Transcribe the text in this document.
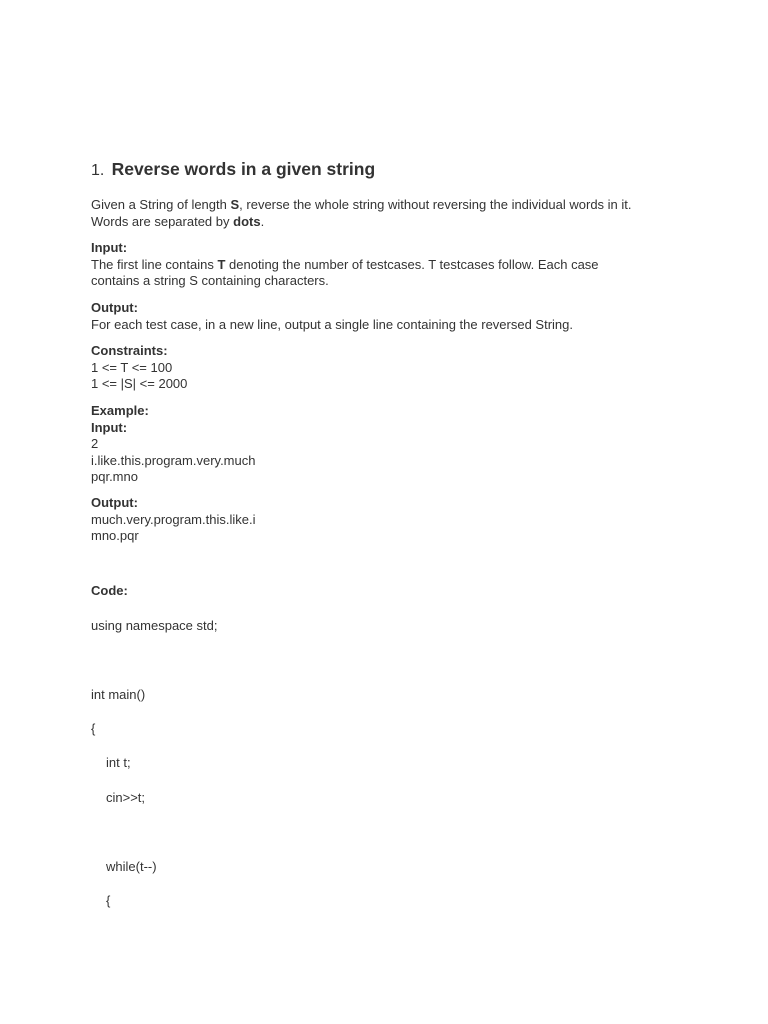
1. Reverse words in a given string
Given a String of length S, reverse the whole string without reversing the individual words in it.
Words are separated by dots.
Input:
The first line contains T denoting the number of testcases. T testcases follow. Each case
contains a string S containing characters.
Output:
For each test case, in a new line, output a single line containing the reversed String.
Constraints:
1 <= T <= 100
1 <= |S| <= 2000
Example:
Input:
2
i.like.this.program.very.much
pqr.mno
Output:
much.very.program.this.like.i
mno.pqr
Code:
using namespace std;
int main()
{
int t;
cin>>t;
while(t--)
{
